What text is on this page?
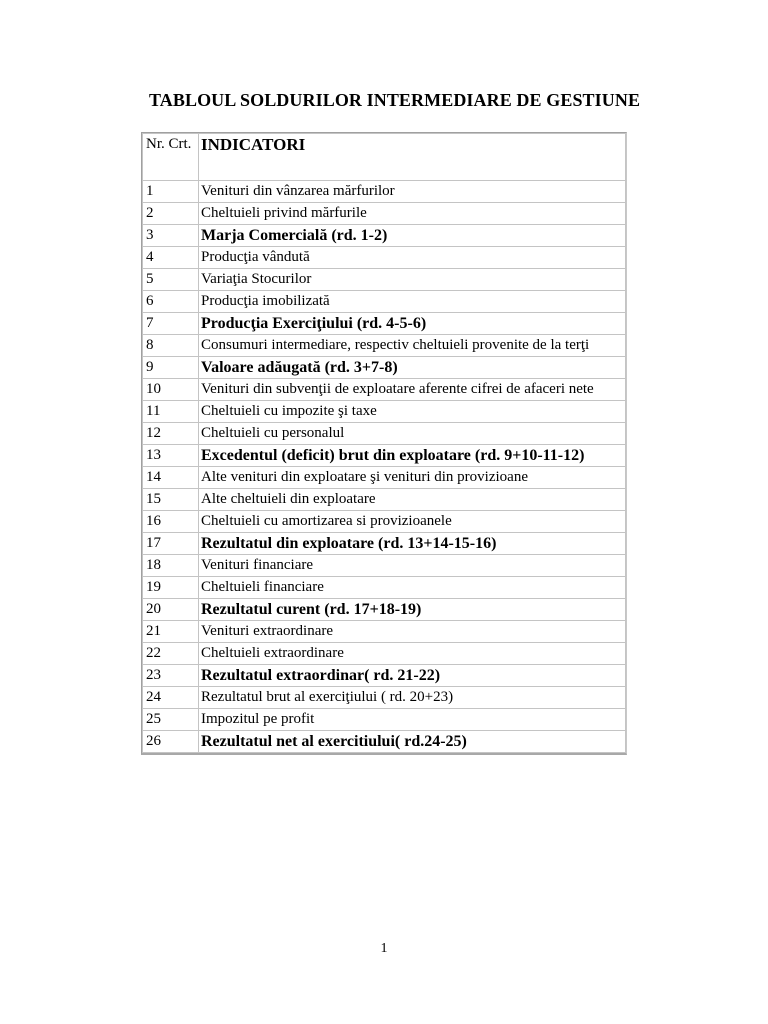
TABLOUL SOLDURILOR INTERMEDIARE DE GESTIUNE
Nr. Crt.	INDICATORI
1	Venituri din vânzarea mărfurilor
2	Cheltuieli privind mărfurile
3	Marja Comercială (rd. 1-2)
4	Producţia vândută
5	Variaţia Stocurilor
6	Producţia imobilizată
7	Producţia Exerciţiului (rd. 4-5-6)
8	Consumuri intermediare, respectiv cheltuieli provenite de la terţi
9	Valoare adăugată (rd. 3+7-8)
10	Venituri din subvenţii de exploatare aferente cifrei de afaceri nete
11	Cheltuieli cu impozite şi taxe
12	Cheltuieli cu personalul
13	Excedentul (deficit) brut din exploatare (rd. 9+10-11-12)
14	Alte venituri din exploatare şi venituri din provizioane
15	Alte cheltuieli din exploatare
16	Cheltuieli cu amortizarea si provizioanele
17	Rezultatul din exploatare (rd. 13+14-15-16)
18	Venituri financiare
19	Cheltuieli financiare
20	Rezultatul curent (rd. 17+18-19)
21	Venituri extraordinare
22	Cheltuieli extraordinare
23	Rezultatul extraordinar( rd. 21-22)
24	Rezultatul brut al exerciţiului ( rd. 20+23)
25	Impozitul pe profit
26	Rezultatul net al exercitiului( rd.24-25)
1
